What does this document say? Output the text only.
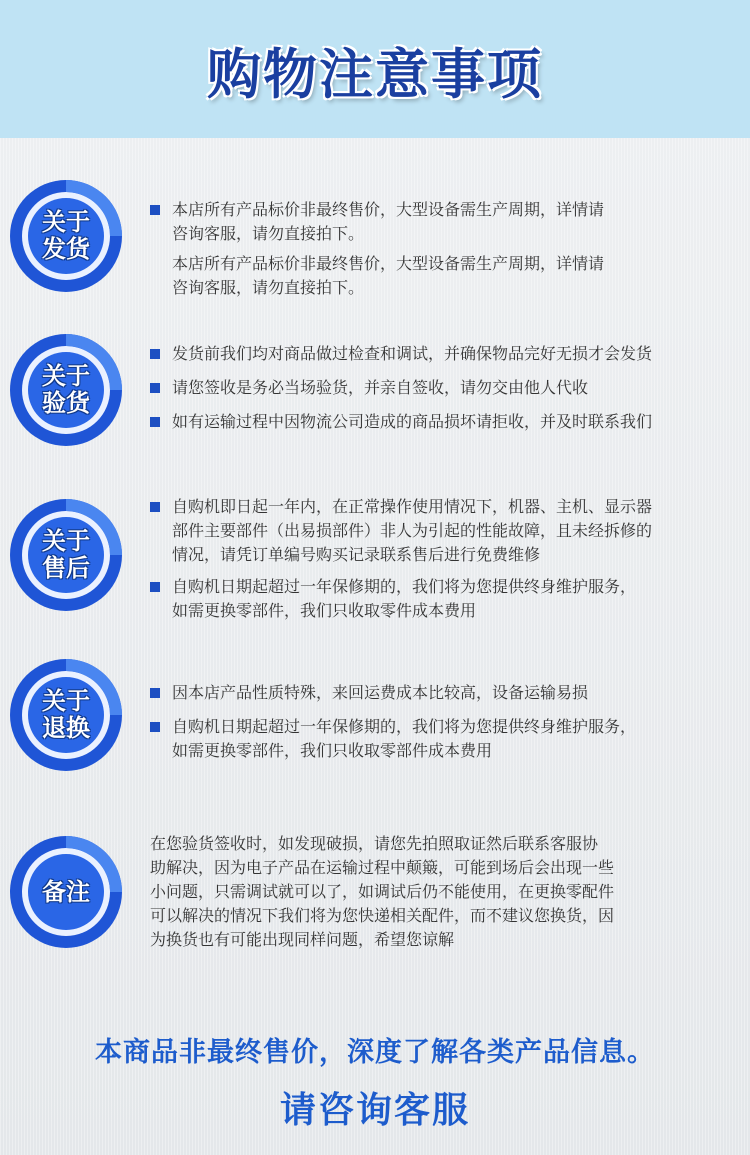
购物注意事项
关于
发货
本店所有产品标价非最终售价，大型设备需生产周期，详情请
咨询客服，请勿直接拍下。
本店所有产品标价非最终售价，大型设备需生产周期，详情请
咨询客服，请勿直接拍下。
关于
验货
发货前我们均对商品做过检查和调试，并确保物品完好无损才会发货
请您签收是务必当场验货，并亲自签收，请勿交由他人代收
如有运输过程中因物流公司造成的商品损坏请拒收，并及时联系我们
关于
售后
自购机即日起一年内，在正常操作使用情况下，机器、主机、显示器
部件主要部件（出易损部件）非人为引起的性能故障，且未经拆修的
情况，请凭订单编号购买记录联系售后进行免费维修
自购机日期起超过一年保修期的，我们将为您提供终身维护服务，
如需更换零部件，我们只收取零件成本费用
关于
退换
因本店产品性质特殊，来回运费成本比较高，设备运输易损
自购机日期起超过一年保修期的，我们将为您提供终身维护服务，
如需更换零部件，我们只收取零部件成本费用
备注
在您验货签收时，如发现破损，请您先拍照取证然后联系客服协
助解决，因为电子产品在运输过程中颠簸，可能到场后会出现一些
小问题，只需调试就可以了，如调试后仍不能使用，在更换零配件
可以解决的情况下我们将为您快递相关配件，而不建议您换货，因
为换货也有可能出现同样问题，希望您谅解
本商品非最终售价，深度了解各类产品信息。
请咨询客服
